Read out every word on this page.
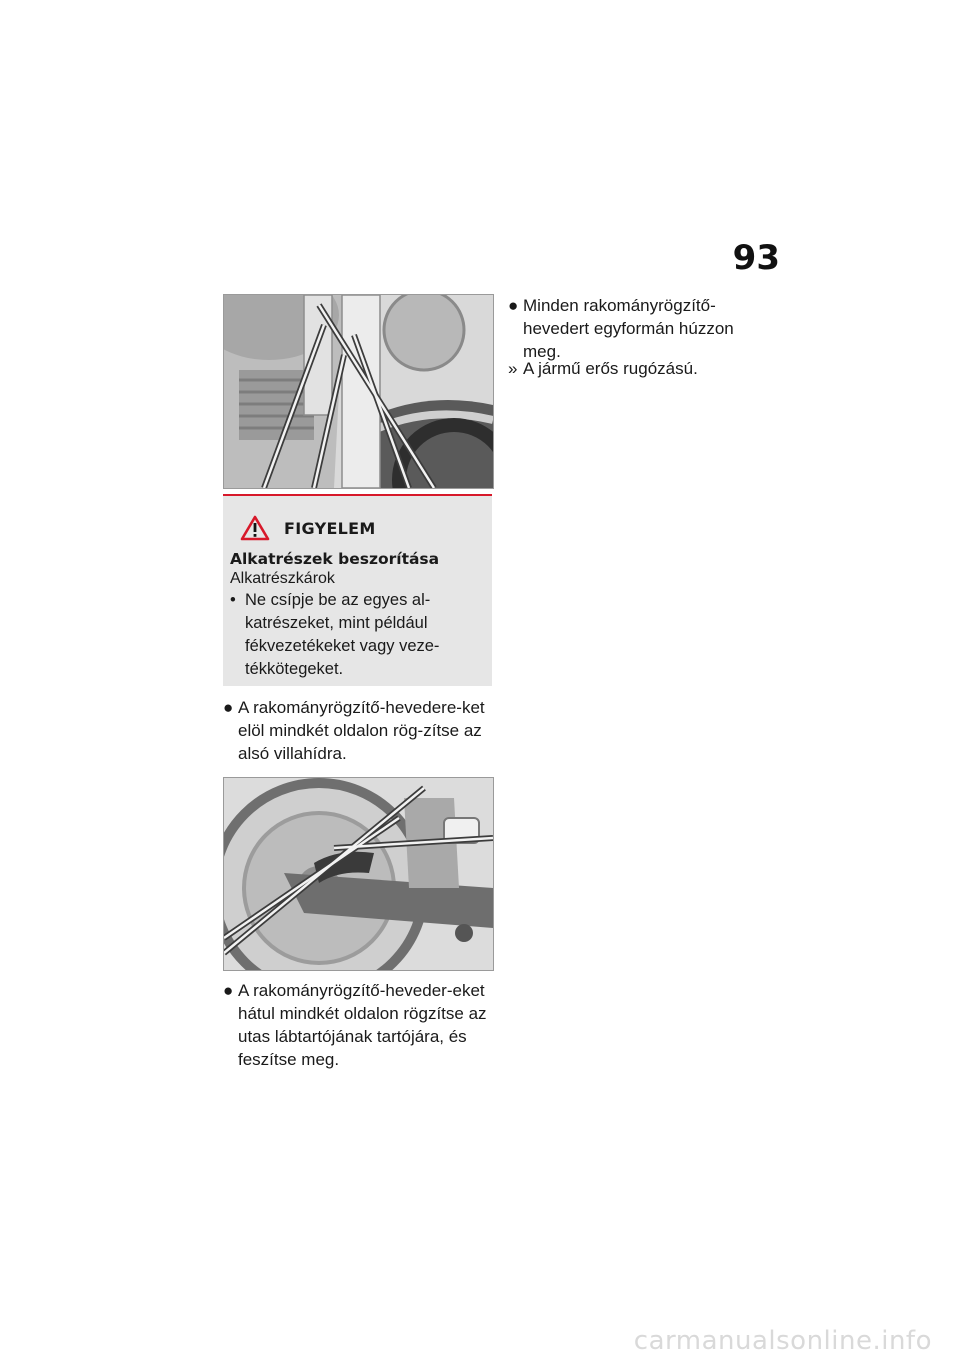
93
FIGYELEM
Alkatrészek beszorítása
Alkatrészkárok
• Ne csípje be az egyes al-katrészeket, mint például fékvezetékeket vagy veze-tékkötegeket.
● A rakományrögzítő-hevedere-ket elöl mindkét oldalon rög-zítse az alsó villahídra.
● A rakományrögzítő-heveder-eket hátul mindkét oldalon rögzítse az utas lábtartójának tartójára, és feszítse meg.
● Minden rakományrögzítő-hevedert egyformán húzzon meg.
» A jármű erős rugózású.
carmanualsonline.info
